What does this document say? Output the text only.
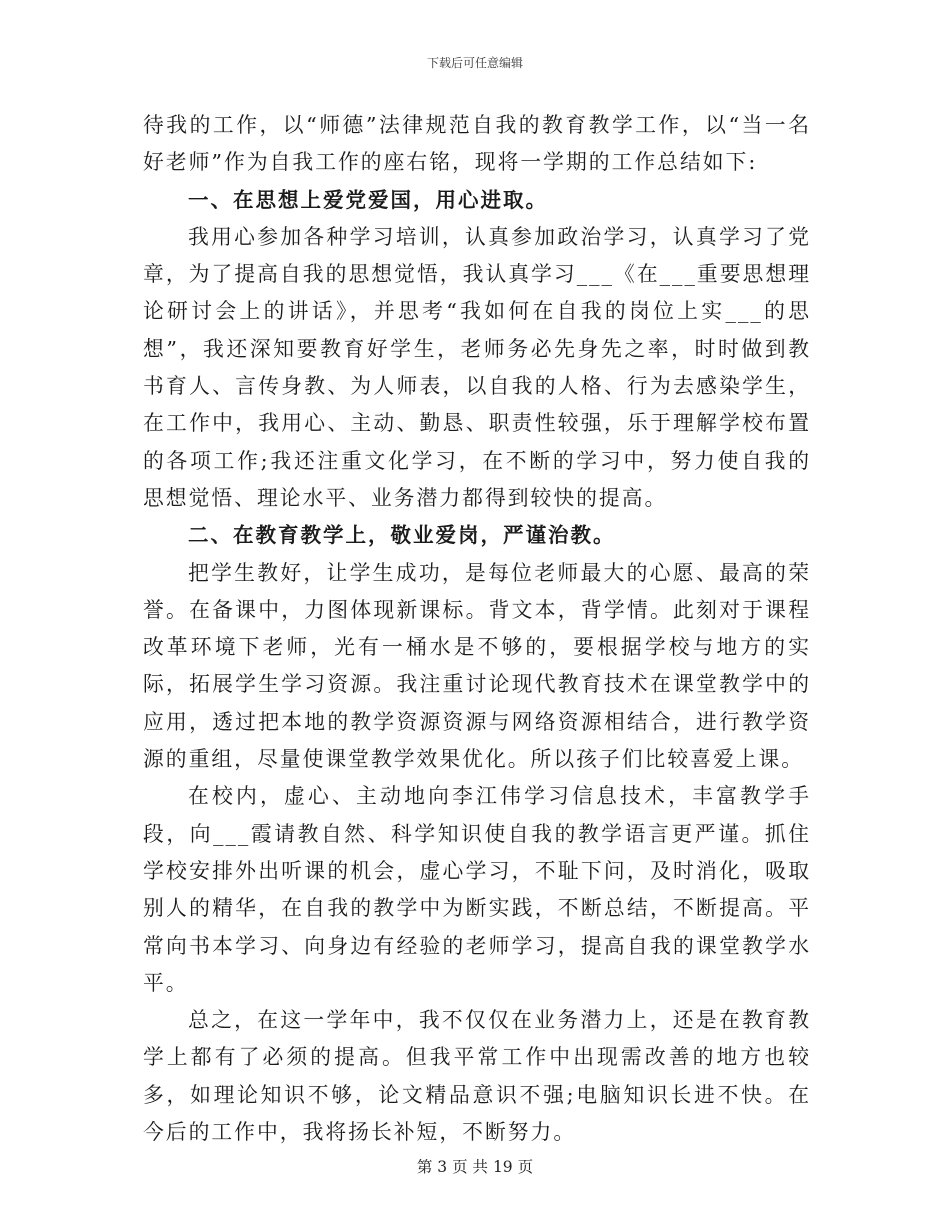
下载后可任意编辑

待我的工作，以“师德”法律规范自我的教育教学工作，以“当一名好老师”作为自我工作的座右铭，现将一学期的工作总结如下:

一、在思想上爱党爱国，用心进取。

我用心参加各种学习培训，认真参加政治学习，认真学习了党章，为了提高自我的思想觉悟，我认真学习___《在___重要思想理论研讨会上的讲话》，并思考“我如何在自我的岗位上实___的思想”，我还深知要教育好学生，老师务必先身先之率，时时做到教书育人、言传身教、为人师表，以自我的人格、行为去感染学生，在工作中，我用心、主动、勤恳、职责性较强，乐于理解学校布置的各项工作;我还注重文化学习，在不断的学习中，努力使自我的思想觉悟、理论水平、业务潜力都得到较快的提高。

二、在教育教学上，敬业爱岗，严谨治教。

把学生教好，让学生成功，是每位老师最大的心愿、最高的荣誉。在备课中，力图体现新课标。背文本，背学情。此刻对于课程改革环境下老师，光有一桶水是不够的，要根据学校与地方的实际，拓展学生学习资源。我注重讨论现代教育技术在课堂教学中的应用，透过把本地的教学资源资源与网络资源相结合，进行教学资源的重组，尽量使课堂教学效果优化。所以孩子们比较喜爱上课。

在校内，虚心、主动地向李江伟学习信息技术，丰富教学手段，向___霞请教自然、科学知识使自我的教学语言更严谨。抓住学校安排外出听课的机会，虚心学习，不耻下问，及时消化，吸取别人的精华，在自我的教学中为断实践，不断总结，不断提高。平常向书本学习、向身边有经验的老师学习，提高自我的课堂教学水平。

总之，在这一学年中，我不仅仅在业务潜力上，还是在教育教学上都有了必须的提高。但我平常工作中出现需改善的地方也较多，如理论知识不够，论文精品意识不强;电脑知识长进不快。在今后的工作中，我将扬长补短，不断努力。

第 3 页 共 19 页
